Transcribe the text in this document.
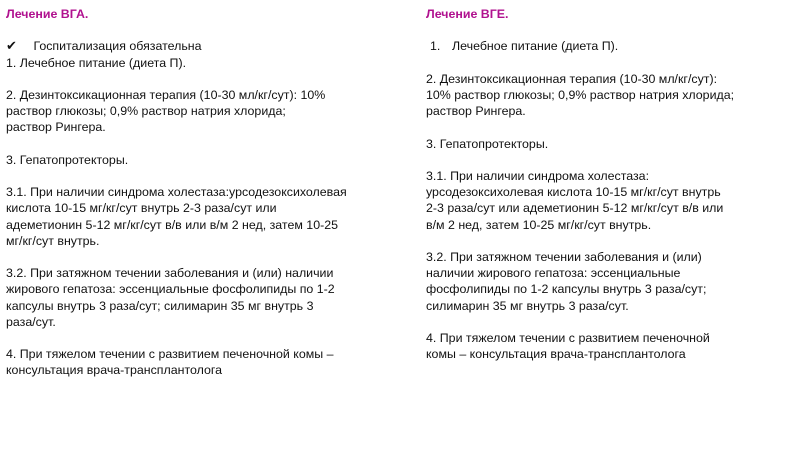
Лечение ВГА.
✔ Госпитализация обязательна
1. Лечебное питание (диета П).
2. Дезинтоксикационная терапия (10-30 мл/кг/сут): 10%
раствор глюкозы; 0,9% раствор натрия хлорида;
раствор Рингера.
3. Гепатопротекторы.
3.1. При наличии синдрома холестаза:урсодезоксихолевая
кислота 10-15 мг/кг/сут внутрь 2-3 раза/сут или
адеметионин 5-12 мг/кг/сут в/в или в/м 2 нед, затем 10-25
мг/кг/сут внутрь.
3.2. При затяжном течении заболевания и (или) наличии
жирового гепатоза: эссенциальные фосфолипиды по 1-2
капсулы внутрь 3 раза/сут; силимарин 35 мг внутрь 3
раза/сут.
4. При тяжелом течении с развитием печеночной комы –
консультация врача-трансплантолога
Лечение ВГЕ.
1. Лечебное питание (диета П).
2. Дезинтоксикационная терапия (10-30 мл/кг/сут):
10% раствор глюкозы; 0,9% раствор натрия хлорида;
раствор Рингера.
3. Гепатопротекторы.
3.1. При наличии синдрома холестаза:
урсодезоксихолевая кислота 10-15 мг/кг/сут внутрь
2-3 раза/сут или адеметионин 5-12 мг/кг/сут в/в или
в/м 2 нед, затем 10-25 мг/кг/сут внутрь.
3.2. При затяжном течении заболевания и (или)
наличии жирового гепатоза: эссенциальные
фосфолипиды по 1-2 капсулы внутрь 3 раза/сут;
силимарин 35 мг внутрь 3 раза/сут.
4. При тяжелом течении с развитием печеночной
комы – консультация врача-трансплантолога
